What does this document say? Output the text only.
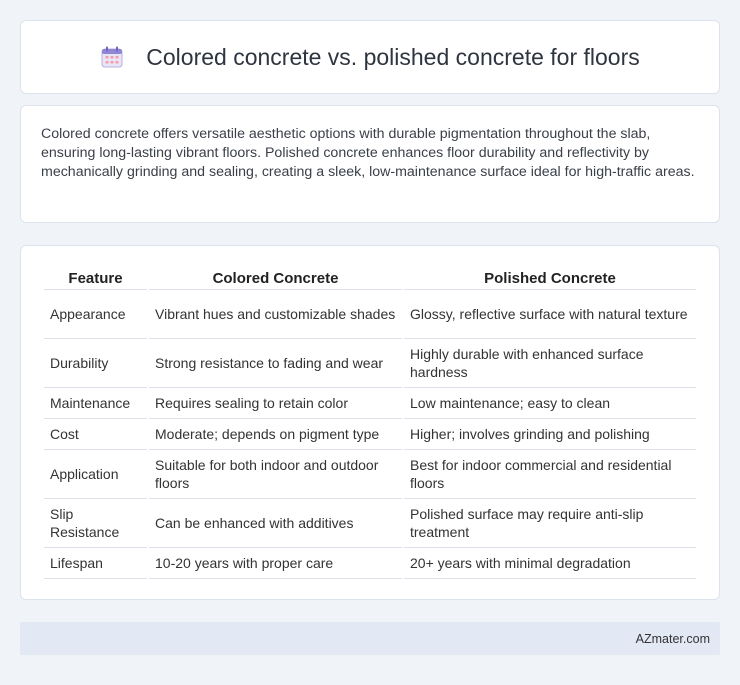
Colored concrete vs. polished concrete for floors

Colored concrete offers versatile aesthetic options with durable pigmentation throughout the slab, ensuring long-lasting vibrant floors. Polished concrete enhances floor durability and reflectivity by mechanically grinding and sealing, creating a sleek, low-maintenance surface ideal for high-traffic areas.

Feature	Colored Concrete	Polished Concrete
Appearance	Vibrant hues and customizable shades	Glossy, reflective surface with natural texture
Durability	Strong resistance to fading and wear	Highly durable with enhanced surface hardness
Maintenance	Requires sealing to retain color	Low maintenance; easy to clean
Cost	Moderate; depends on pigment type	Higher; involves grinding and polishing
Application	Suitable for both indoor and outdoor floors	Best for indoor commercial and residential floors
Slip Resistance	Can be enhanced with additives	Polished surface may require anti-slip treatment
Lifespan	10-20 years with proper care	20+ years with minimal degradation
AZmater.com
